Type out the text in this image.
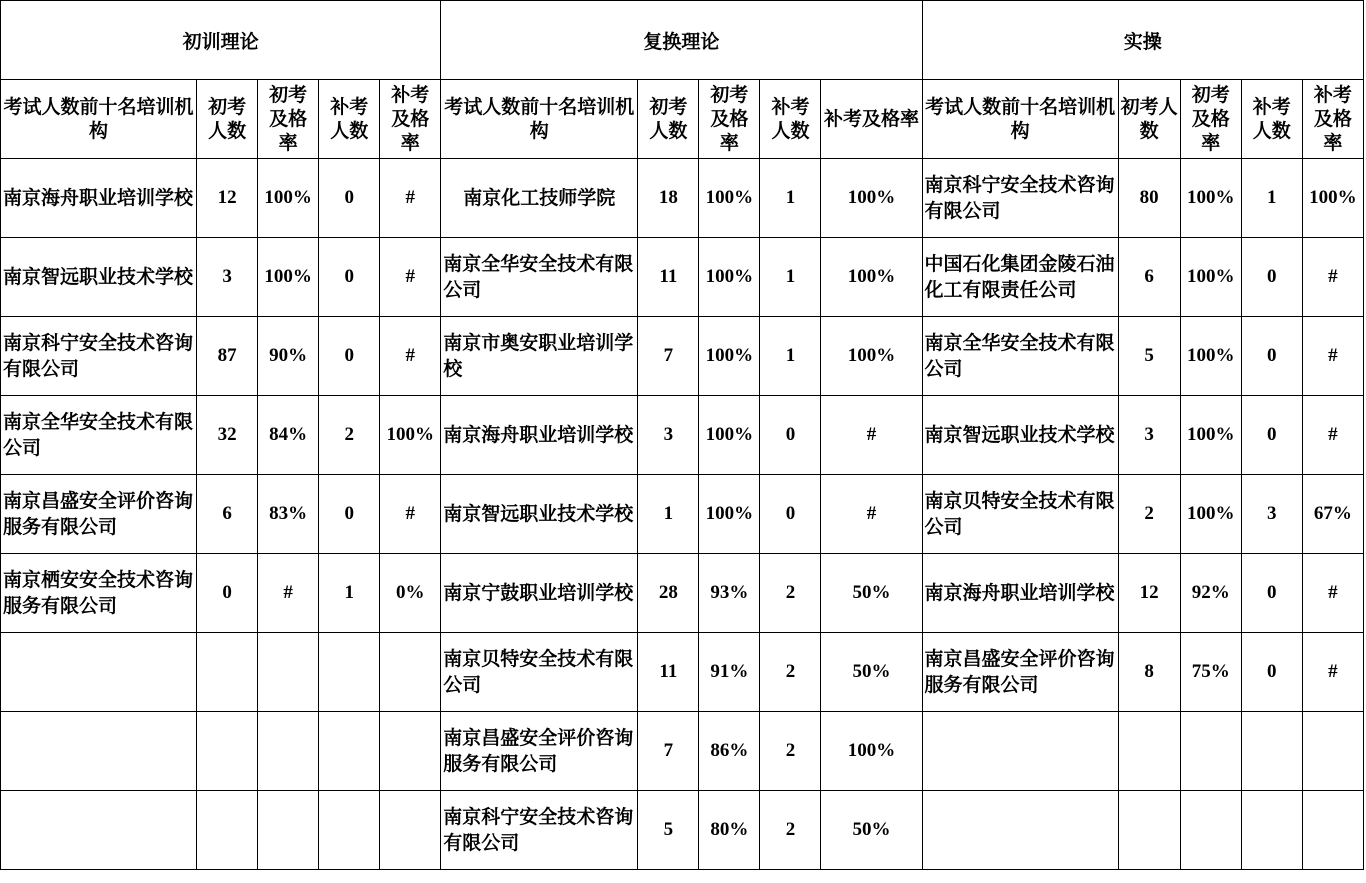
初训理论					复换理论					实操				
考试人数前十名培训机构	初考人数	初考及格率	补考人数	补考及格率	考试人数前十名培训机构	初考人数	初考及格率	补考人数	补考及格率	考试人数前十名培训机构	初考人数	初考及格率	补考人数	补考及格率
南京海舟职业培训学校	12	100%	0	#	南京化工技师学院	18	100%	1	100%	南京科宁安全技术咨询有限公司	80	100%	1	100%
南京智远职业技术学校	3	100%	0	#	南京全华安全技术有限公司	11	100%	1	100%	中国石化集团金陵石油化工有限责任公司	6	100%	0	#
南京科宁安全技术咨询有限公司	87	90%	0	#	南京市奥安职业培训学校	7	100%	1	100%	南京全华安全技术有限公司	5	100%	0	#
南京全华安全技术有限公司	32	84%	2	100%	南京海舟职业培训学校	3	100%	0	#	南京智远职业技术学校	3	100%	0	#
南京昌盛安全评价咨询服务有限公司	6	83%	0	#	南京智远职业技术学校	1	100%	0	#	南京贝特安全技术有限公司	2	100%	3	67%
南京栖安安全技术咨询服务有限公司	0	#	1	0%	南京宁鼓职业培训学校	28	93%	2	50%	南京海舟职业培训学校	12	92%	0	#
					南京贝特安全技术有限公司	11	91%	2	50%	南京昌盛安全评价咨询服务有限公司	8	75%	0	#
					南京昌盛安全评价咨询服务有限公司	7	86%	2	100%					
					南京科宁安全技术咨询有限公司	5	80%	2	50%					
